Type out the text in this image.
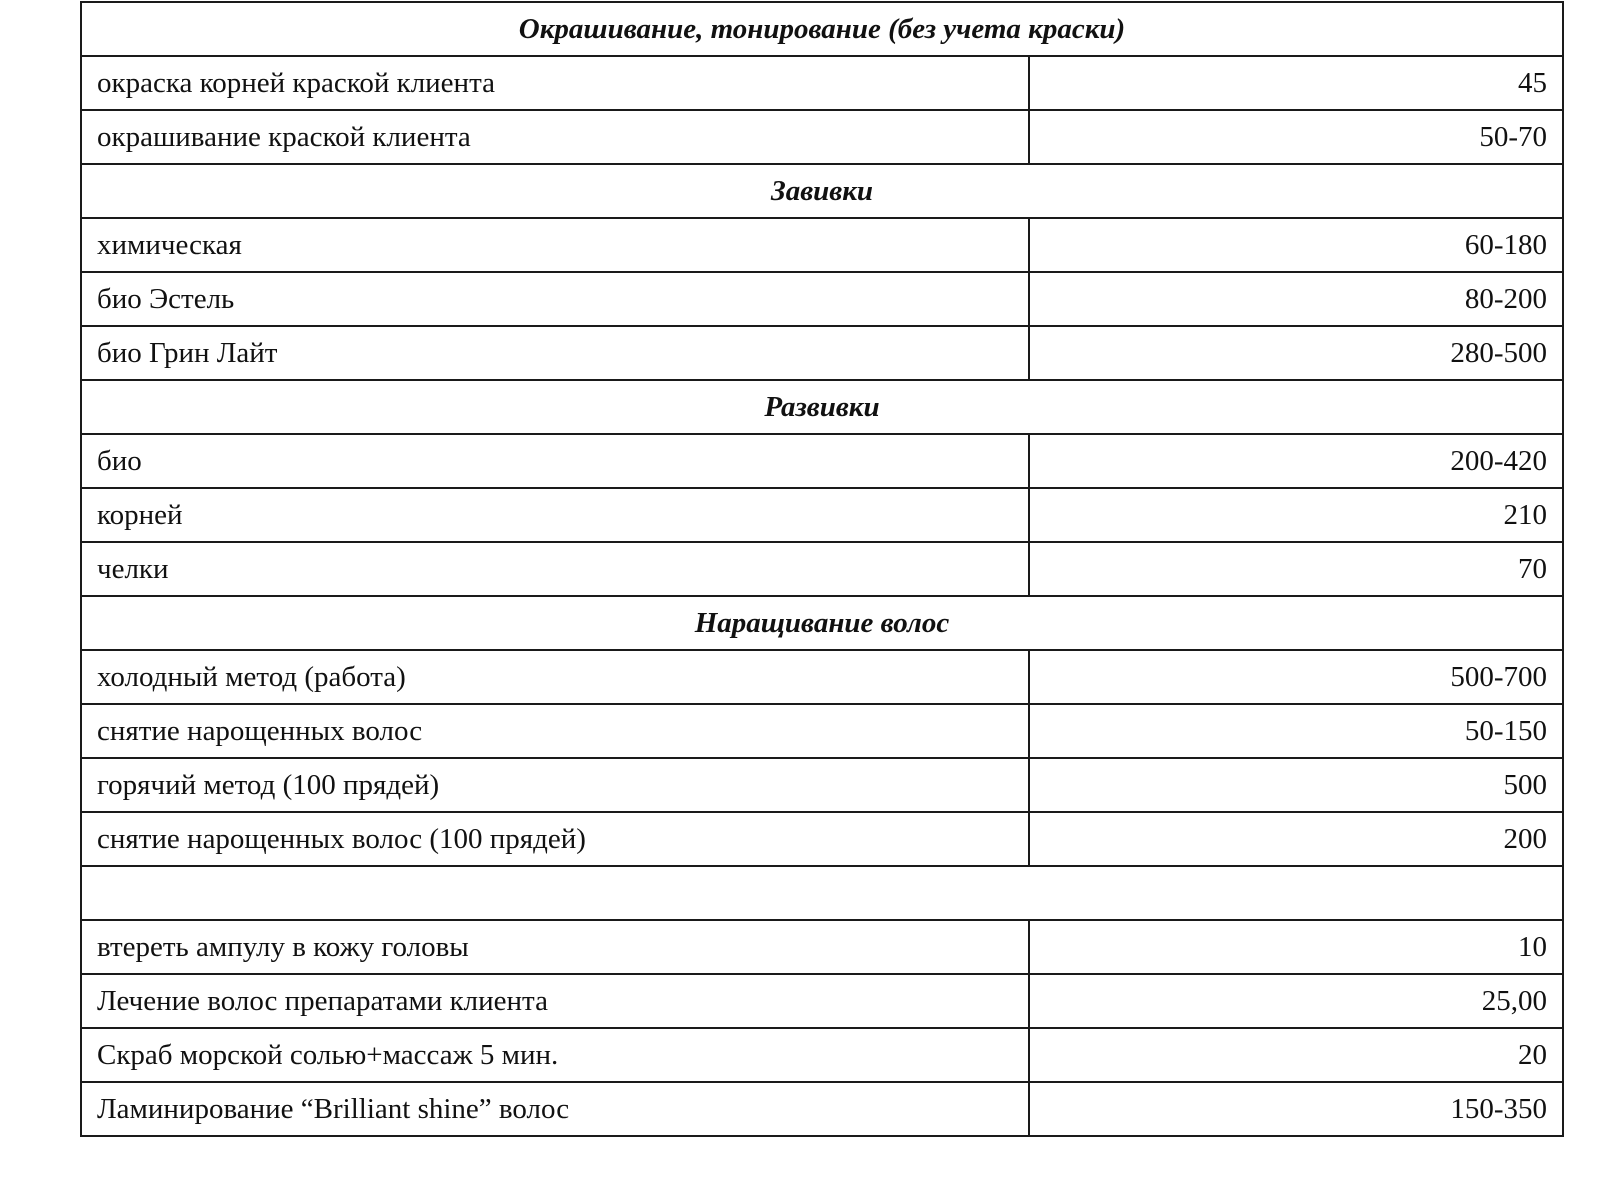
Окрашивание, тонирование (без учета краски)	
окраска корней краской клиента	45
окрашивание краской клиента	50-70
Завивки	
химическая	60-180
био Эстель	80-200
био Грин Лайт	280-500
Развивки	
био	200-420
корней	210
челки	70
Наращивание волос	
холодный метод (работа)	500-700
снятие нарощенных волос	50-150
горячий метод (100 прядей)	500
снятие нарощенных волос (100 прядей)	200

втереть ампулу в кожу головы	10
Лечение волос препаратами клиента	25,00
Скраб морской солью+массаж 5 мин.	20
Ламинирование “Brilliant shine” волос	150-350
